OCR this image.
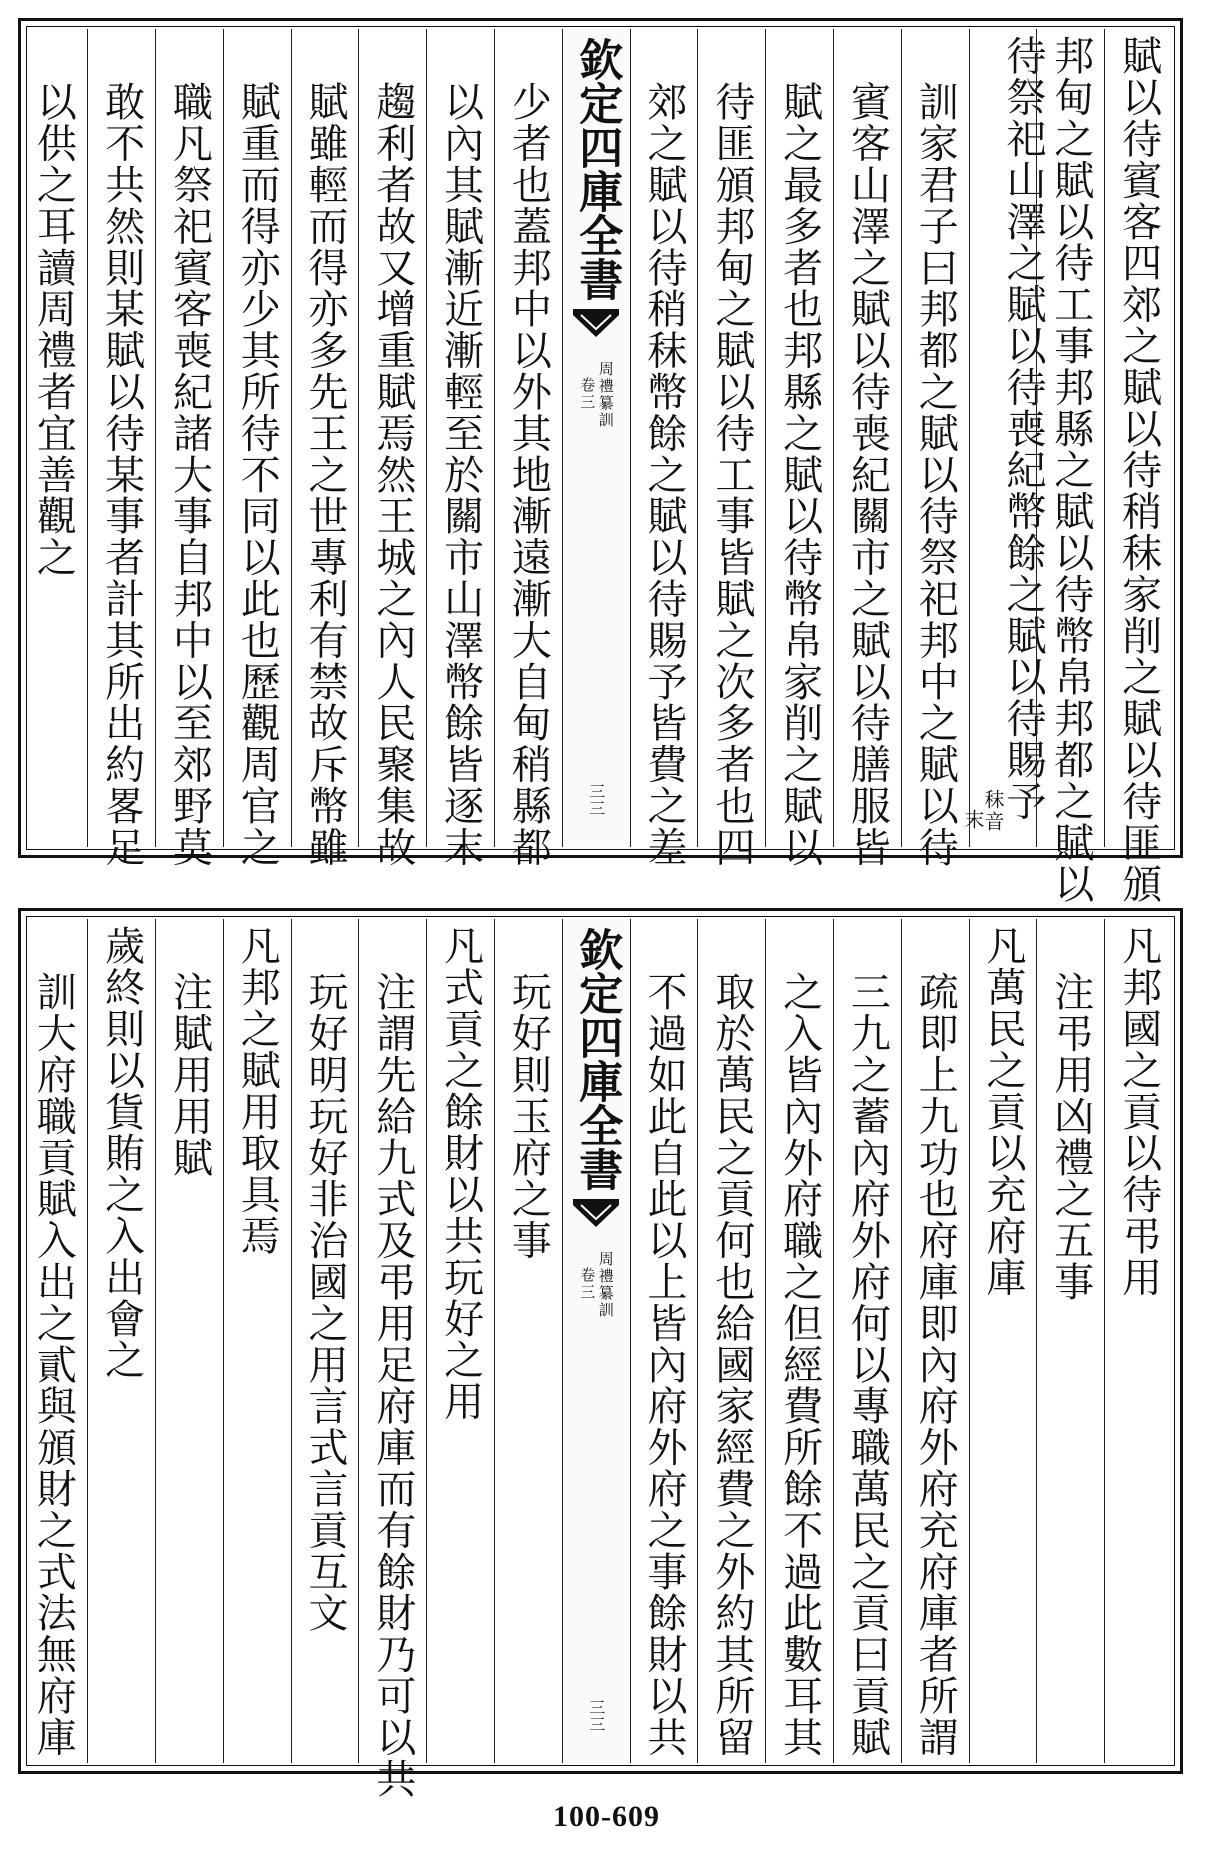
賦以待賓客四郊之賦以待稍秣家削之賦以待匪頒
邦甸之賦以待工事邦縣之賦以待幣帛邦都之賦以
待祭祀山澤之賦以待喪紀幣餘之賦以待賜予
秣音
末
訓家君子曰邦都之賦以待祭祀邦中之賦以待
賓客山澤之賦以待喪紀關市之賦以待膳服皆
賦之最多者也邦縣之賦以待幣帛家削之賦以
待匪頒邦甸之賦以待工事皆賦之次多者也四
郊之賦以待稍秣幣餘之賦以待賜予皆費之差
欽定四庫全書
周禮纂訓
卷三
三三
少者也蓋邦中以外其地漸遠漸大自甸稍縣都
以內其賦漸近漸輕至於關市山澤幣餘皆逐末
趨利者故又增重賦焉然王城之內人民聚集故
賦雖輕而得亦多先王之世專利有禁故斥幣雖
賦重而得亦少其所待不同以此也歷觀周官之
職凡祭祀賓客喪紀諸大事自邦中以至郊野莫
敢不共然則某賦以待某事者計其所出約畧足
以供之耳讀周禮者宜善觀之
凡邦國之貢以待弔用
注弔用凶禮之五事
凡萬民之貢以充府庫
疏即上九功也府庫即內府外府充府庫者所謂
三九之蓄內府外府何以專職萬民之貢曰貢賦
之入皆內外府職之但經費所餘不過此數耳其
取於萬民之貢何也給國家經費之外約其所留
不過如此自此以上皆內府外府之事餘財以共
欽定四庫全書
周禮纂訓
卷三
三三
玩好則玉府之事
凡式貢之餘財以共玩好之用
注謂先給九式及弔用足府庫而有餘財乃可以共
玩好明玩好非治國之用言式言貢互文
凡邦之賦用取具焉
注賦用用賦
歲終則以貨賄之入出會之
訓大府職貢賦入出之貳與頒財之式法無府庫
100-609
